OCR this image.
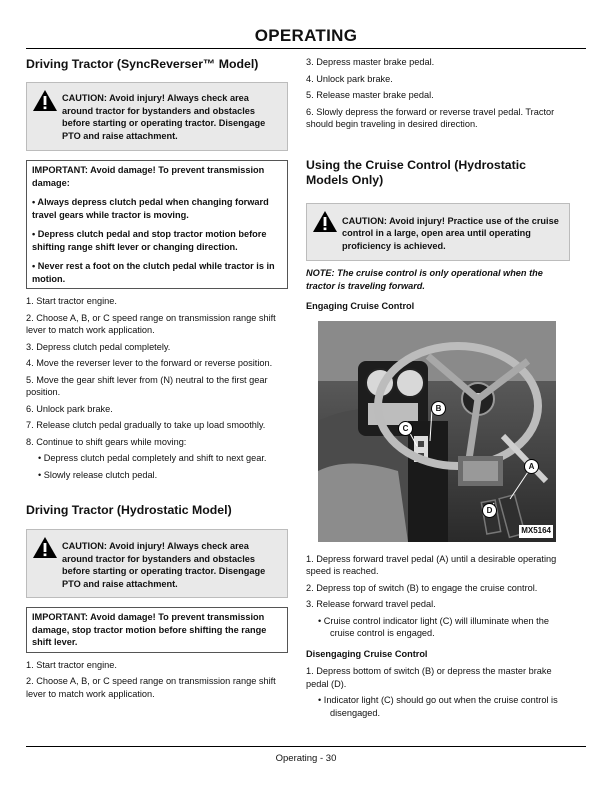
OPERATING
Driving Tractor (SyncReverser™ Model)
CAUTION: Avoid injury! Always check area around tractor for bystanders and obstacles before starting or operating tractor. Disengage PTO and raise attachment.

IMPORTANT: Avoid damage! To prevent transmission damage:

• Always depress clutch pedal when changing forward travel gears while tractor is moving.

• Depress clutch pedal and stop tractor motion before shifting range shift lever or changing direction.

• Never rest a foot on the clutch pedal while tractor is in motion.

1. Start tractor engine.

2. Choose A, B, or C speed range on transmission range shift lever to match work application.

3. Depress clutch pedal completely.

4. Move the reverser lever to the forward or reverse position.

5. Move the gear shift lever from (N) neutral to the first gear position.

6. Unlock park brake.

7. Release clutch pedal gradually to take up load smoothly.

8. Continue to shift gears while moving:

• Depress clutch pedal completely and shift to next gear.

• Slowly release clutch pedal.

Driving Tractor (Hydrostatic Model)
CAUTION: Avoid injury! Always check area around tractor for bystanders and obstacles before starting or operating tractor. Disengage PTO and raise attachment.

IMPORTANT: Avoid damage! To prevent transmission damage, stop tractor motion before shifting the range shift lever.

1. Start tractor engine.

2. Choose A, B, or C speed range on transmission range shift lever to match work application.

3. Depress master brake pedal.

4. Unlock park brake.

5. Release master brake pedal.

6. Slowly depress the forward or reverse travel pedal. Tractor should begin traveling in desired direction.

Using the Cruise Control (Hydrostatic Models Only)
CAUTION: Avoid injury! Practice use of the cruise control in a large, open area until operating proficiency is achieved.

NOTE: The cruise control is only operational when the tractor is traveling forward.

Engaging Cruise Control

B
C
A
D
MX5164

1. Depress forward travel pedal (A) until a desirable operating speed is reached.

2. Depress top of switch (B) to engage the cruise control.

3. Release forward travel pedal.

• Cruise control indicator light (C) will illuminate when the cruise control is engaged.

Disengaging Cruise Control

1. Depress bottom of switch (B) or depress the master brake pedal (D).

• Indicator light (C) should go out when the cruise control is disengaged.

Operating - 30
